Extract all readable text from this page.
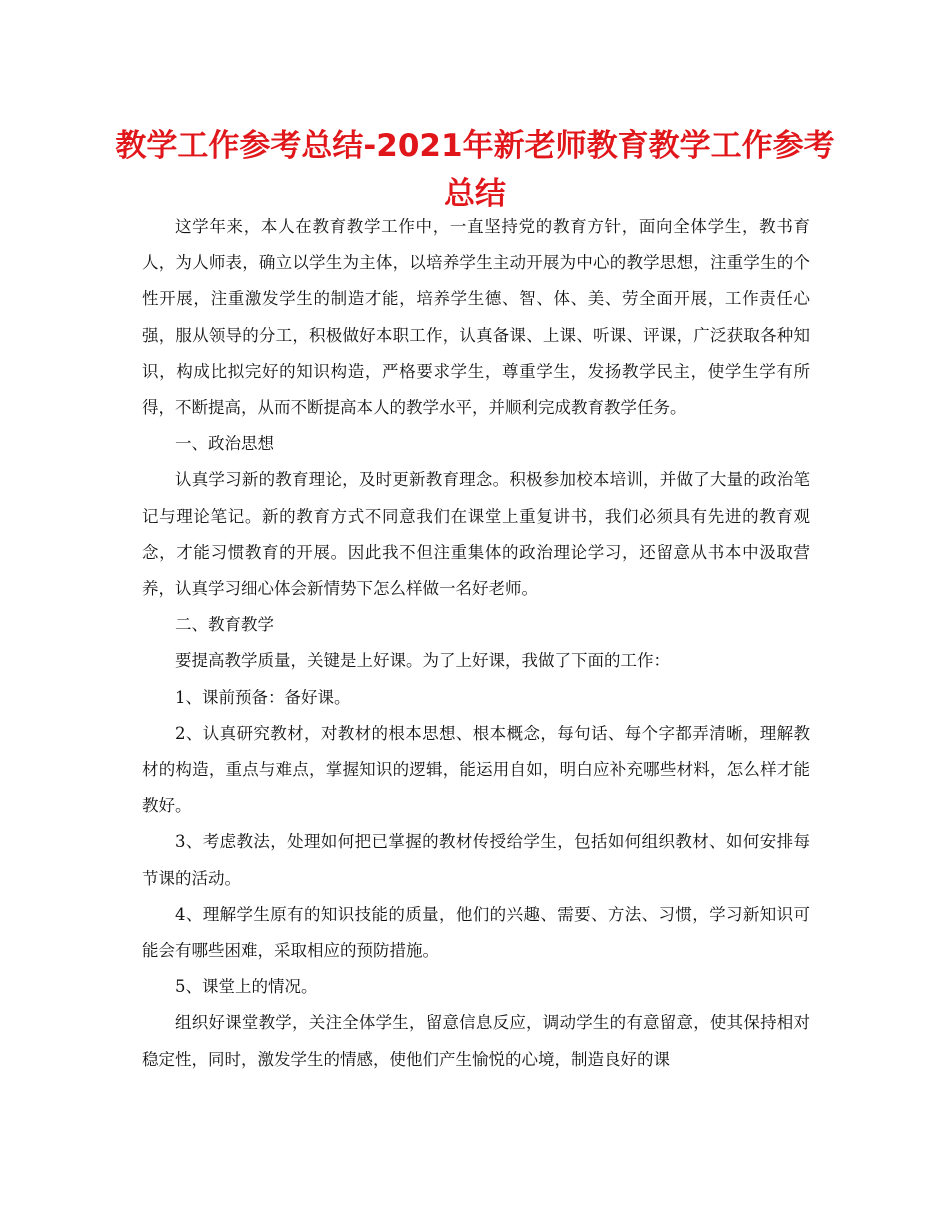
教学工作参考总结-2021年新老师教育教学工作参考总结

这学年来，本人在教育教学工作中，一直坚持党的教育方针，面向全体学生，教书育人，为人师表，确立以学生为主体，以培养学生主动开展为中心的教学思想，注重学生的个性开展，注重激发学生的制造才能，培养学生德、智、体、美、劳全面开展，工作责任心强，服从领导的分工，积极做好本职工作，认真备课、上课、听课、评课，广泛获取各种知识，构成比拟完好的知识构造，严格要求学生，尊重学生，发扬教学民主，使学生学有所得，不断提高，从而不断提高本人的教学水平，并顺利完成教育教学任务。

一、政治思想

认真学习新的教育理论，及时更新教育理念。积极参加校本培训，并做了大量的政治笔记与理论笔记。新的教育方式不同意我们在课堂上重复讲书，我们必须具有先进的教育观念，才能习惯教育的开展。因此我不但注重集体的政治理论学习，还留意从书本中汲取营养，认真学习细心体会新情势下怎么样做一名好老师。

二、教育教学

要提高教学质量，关键是上好课。为了上好课，我做了下面的工作：

1、课前预备：备好课。

2、认真研究教材，对教材的根本思想、根本概念，每句话、每个字都弄清晰，理解教材的构造，重点与难点，掌握知识的逻辑，能运用自如，明白应补充哪些材料，怎么样才能教好。

3、考虑教法，处理如何把已掌握的教材传授给学生，包括如何组织教材、如何安排每节课的活动。

4、理解学生原有的知识技能的质量，他们的兴趣、需要、方法、习惯，学习新知识可能会有哪些困难，采取相应的预防措施。

5、课堂上的情况。

组织好课堂教学，关注全体学生，留意信息反应，调动学生的有意留意，使其保持相对稳定性，同时，激发学生的情感，使他们产生愉悦的心境，制造良好的课
